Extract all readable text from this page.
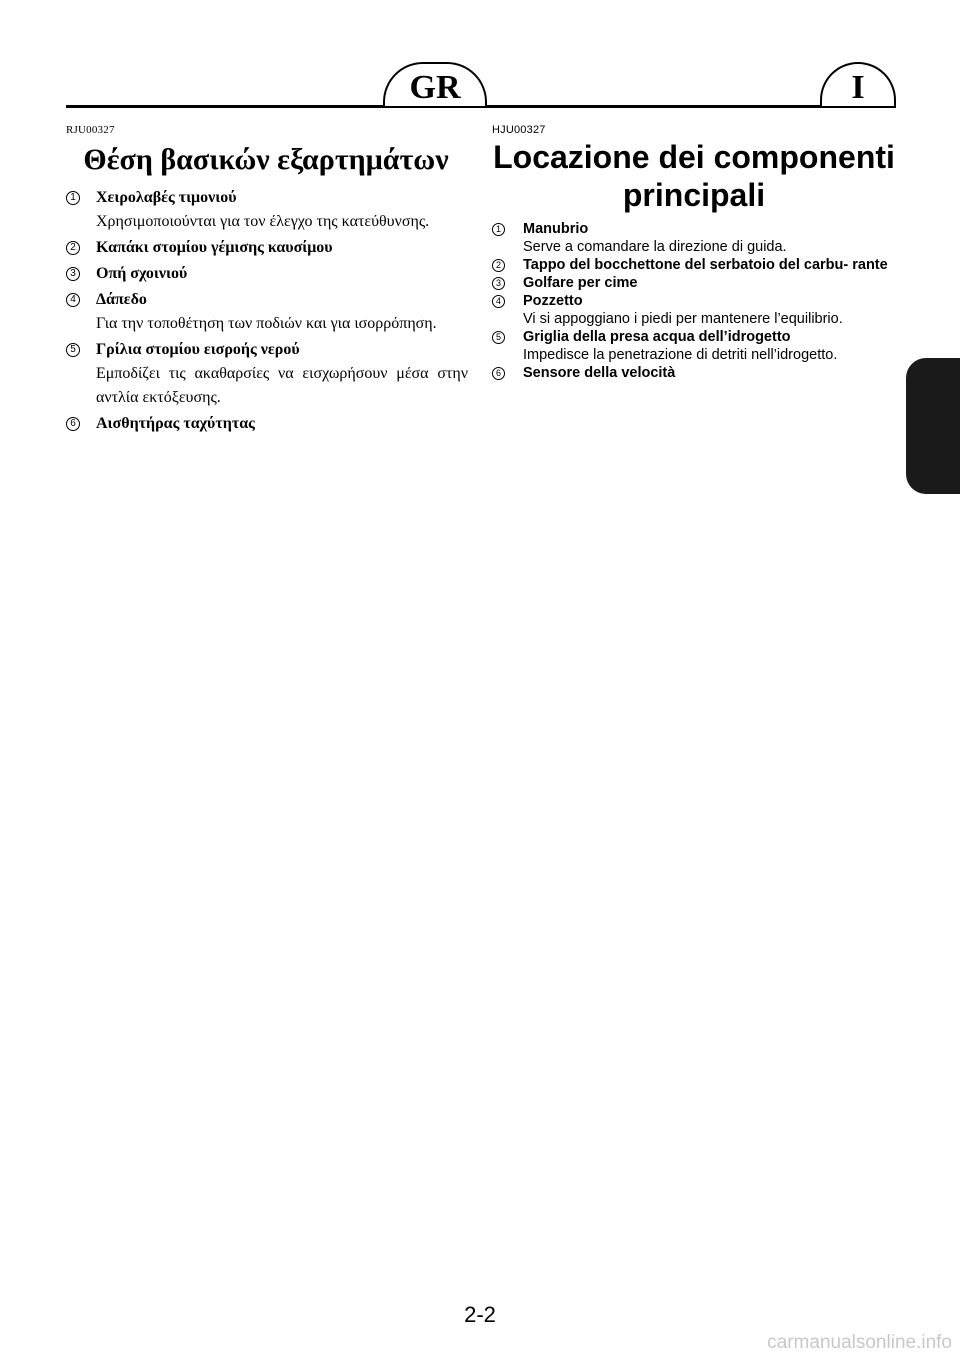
GR	I
RJU00327	HJU00327
Θέση βασικών εξαρτημάτων	Locazione dei componenti principali
1 Χειρολαβές τιμονιού
Χρησιμοποιούνται για τον έλεγχο της κατεύθυνσης.
2 Καπάκι στομίου γέμισης καυσίμου
3 Οπή σχοινιού
4 Δάπεδο
Για την τοποθέτηση των ποδιών και για ισορρόπηση.
5 Γρίλια στομίου εισροής νερού
Εμποδίζει τις ακαθαρσίες να εισχωρήσουν μέσα στην αντλία εκτόξευσης.
6 Αισθητήρας ταχύτητας
1 Manubrio
Serve a comandare la direzione di guida.
2 Tappo del bocchettone del serbatoio del carbu- rante
3 Golfare per cime
4 Pozzetto
Vi si appoggiano i piedi per mantenere l’equilibrio.
5 Griglia della presa acqua dell’idrogetto
Impedisce la penetrazione di detriti nell’idrogetto.
6 Sensore della velocità
2-2
carmanualsonline.info
